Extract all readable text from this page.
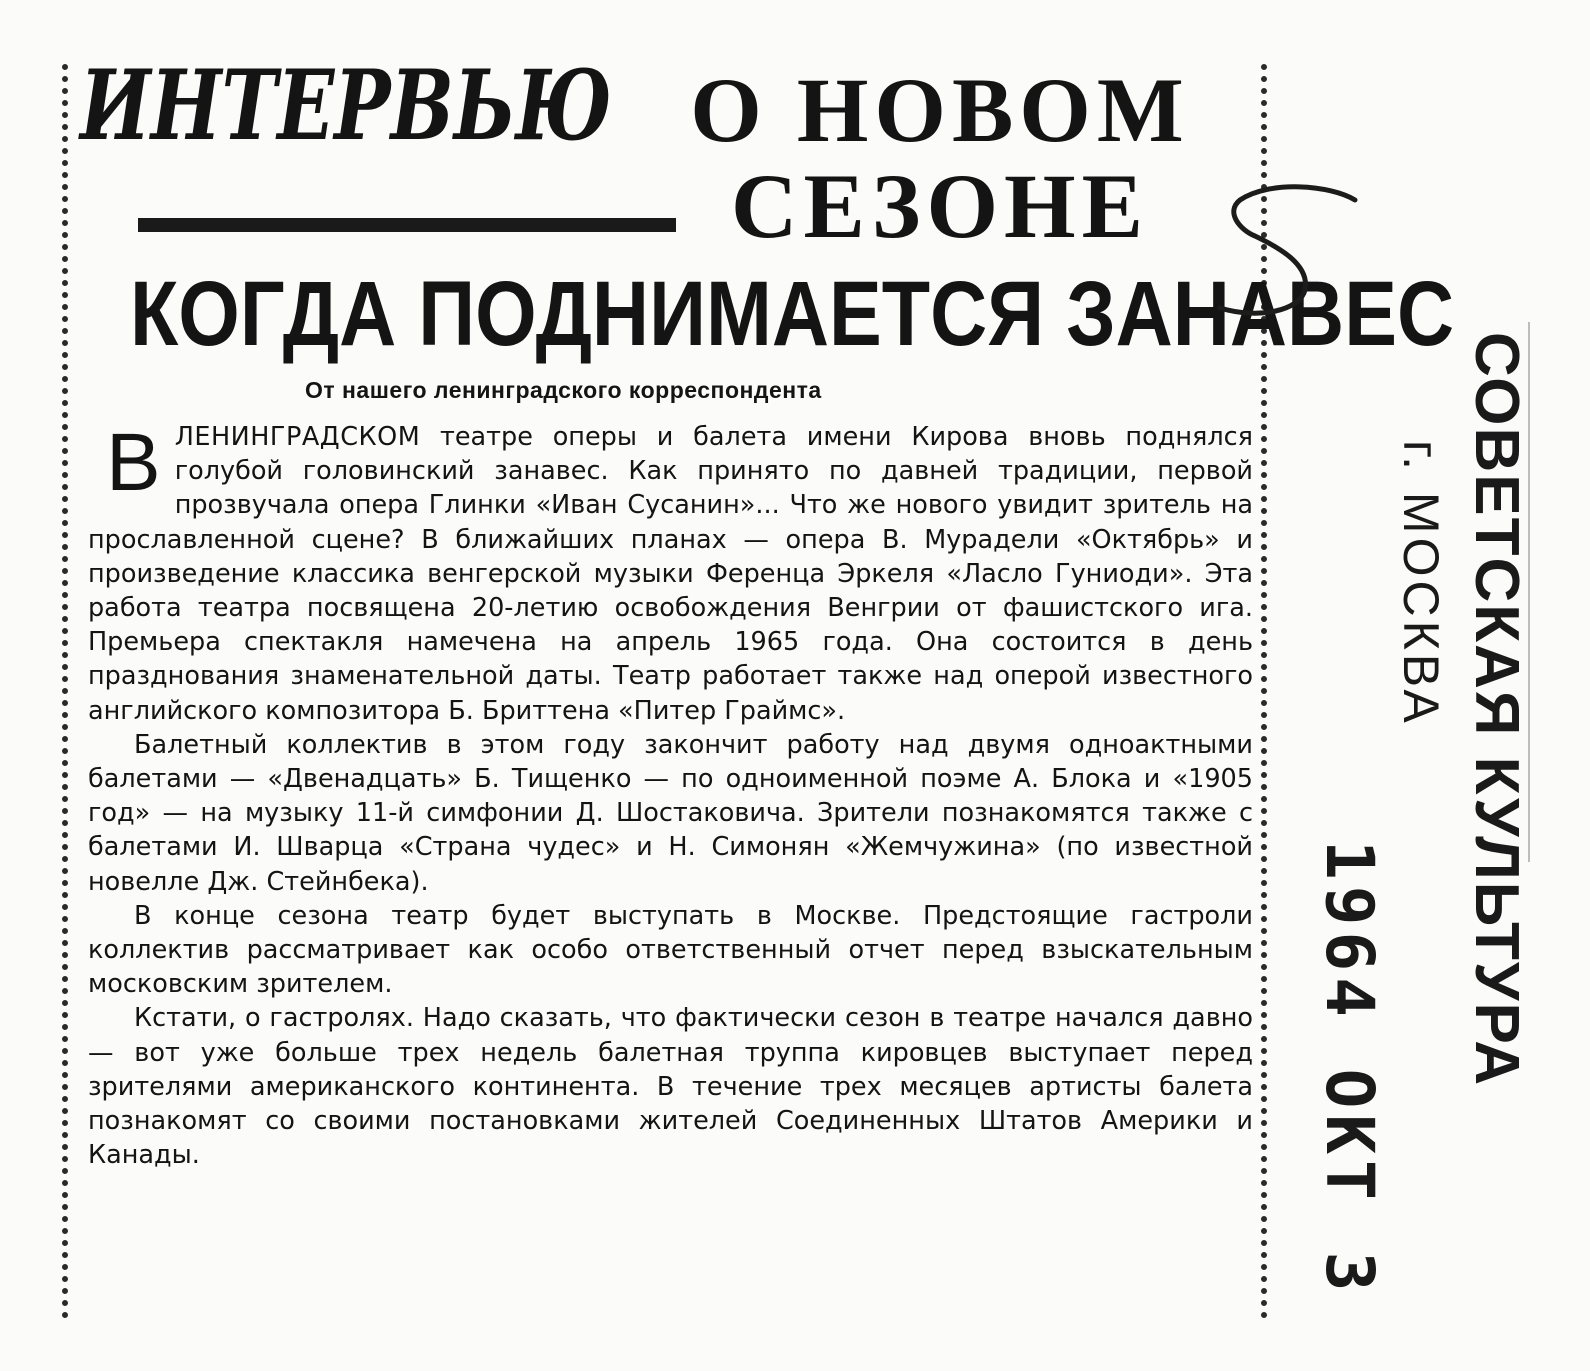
ИНТЕРВЬЮ О НОВОМ СЕЗОНЕ
КОГДА ПОДНИМАЕТСЯ ЗАНАВЕС
От нашего ленинградского корреспондента

ВЛЕНИНГРАДСКОМ театре оперы и балета имени Кирова вновь поднялся голубой головинский занавес. Как принято по давней традиции, первой прозвучала опера Глинки «Иван Сусанин»... Что же нового увидит зритель на прославленной сцене? В ближайших планах — опера В. Мурадели «Октябрь» и произведение классика венгерской музыки Ференца Эркеля «Ласло Гуниоди». Эта работа театра посвящена 20-летию освобождения Венгрии от фашистского ига. Премьера спектакля намечена на апрель 1965 года. Она состоится в день празднования знаменательной даты. Театр работает также над оперой известного английского композитора Б. Бриттена «Питер Граймс».

Балетный коллектив в этом году закончит работу над двумя одноактными балетами — «Двенадцать» Б. Тищенко — по одноименной поэме А. Блока и «1905 год» — на музыку 11-й симфонии Д. Шостаковича. Зрители познакомятся также с балетами И. Шварца «Страна чудес» и Н. Симонян «Жемчужина» (по известной новелле Дж. Стейнбека).

В конце сезона театр будет выступать в Москве. Предстоящие гастроли коллектив рассматривает как особо ответственный отчет перед взыскательным московским зрителем.

Кстати, о гастролях. Надо сказать, что фактически сезон в театре начался давно — вот уже больше трех недель балетная труппа кировцев выступает перед зрителями американского континента. В течение трех месяцев артисты балета познакомят со своими постановками жителей Соединенных Штатов Америки и Канады.

СОВЕТСКАЯ КУЛЬТУРА
г. МОСКВА
1964 ОКТ 3
